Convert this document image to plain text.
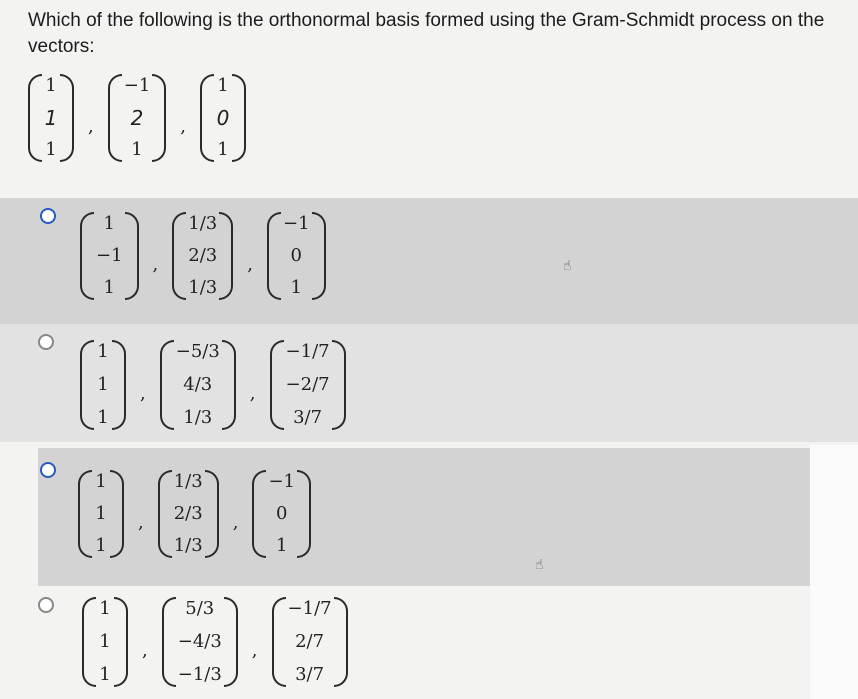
Which of the following is the orthonormal basis formed using the Gram-Schmidt process on the vectors:
1
1
1
,
−1
2
1
,
1
0
1
1
−1
1
,
1/3
2/3
1/3
,
−1
0
1
☝
1
1
1
,
−5/3
4/3
1/3
,
−1/7
−2/7
3/7
1
1
1
,
1/3
2/3
1/3
,
−1
0
1
☝
1
1
1
,
5/3
−4/3
−1/3
,
−1/7
2/7
3/7
